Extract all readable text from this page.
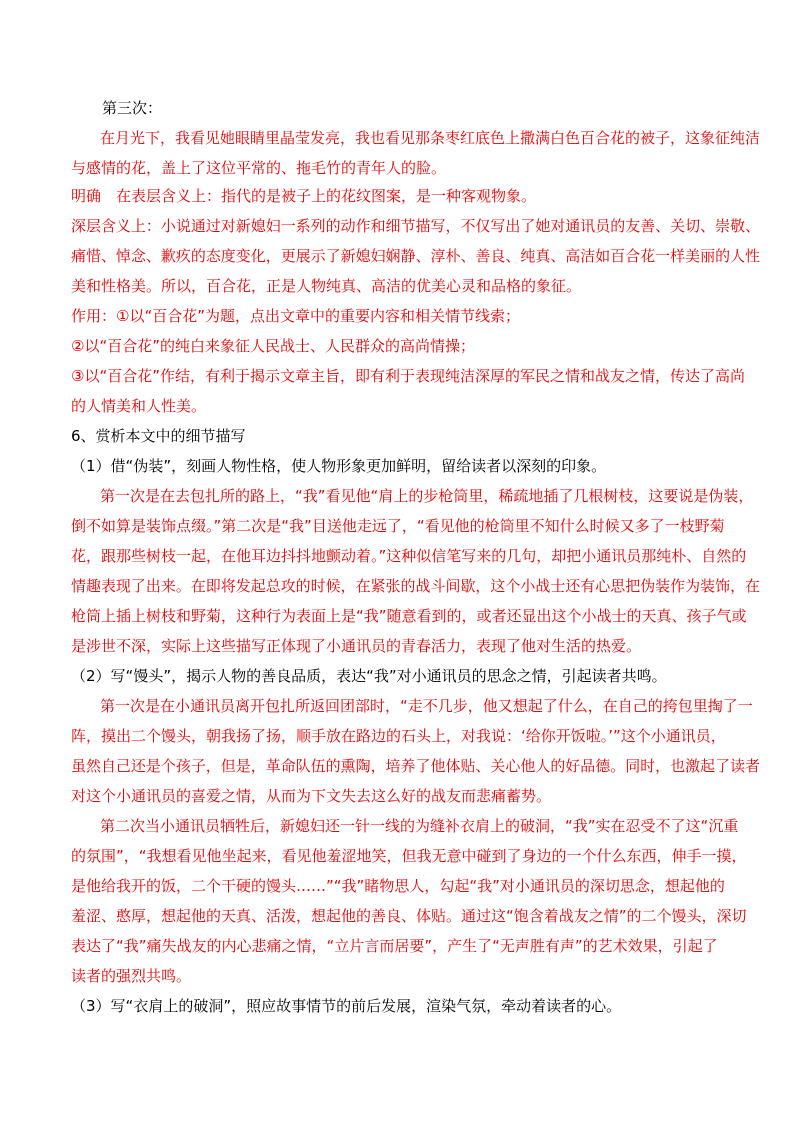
第三次：
在月光下，我看见她眼睛里晶莹发亮，我也看见那条枣红底色上撒满白色百合花的被子，这象征纯洁
与感情的花，盖上了这位平常的、拖毛竹的青年人的脸。
明确　在表层含义上：指代的是被子上的花纹图案，是一种客观物象。
深层含义上：小说通过对新媳妇一系列的动作和细节描写，不仅写出了她对通讯员的友善、关切、崇敬、
痛惜、悼念、歉疚的态度变化，更展示了新媳妇娴静、淳朴、善良、纯真、高洁如百合花一样美丽的人性
美和性格美。所以，百合花，正是人物纯真、高洁的优美心灵和品格的象征。
作用：①以“百合花”为题，点出文章中的重要内容和相关情节线索；
②以“百合花”的纯白来象征人民战士、人民群众的高尚情操；
③以“百合花”作结，有利于揭示文章主旨，即有利于表现纯洁深厚的军民之情和战友之情，传达了高尚
的人情美和人性美。
6、赏析本文中的细节描写
（1）借“伪装”，刻画人物性格，使人物形象更加鲜明，留给读者以深刻的印象。
第一次是在去包扎所的路上，“我”看见他“肩上的步枪筒里，稀疏地插了几根树枝，这要说是伪装，
倒不如算是装饰点缀。”第二次是“我”目送他走远了，“看见他的枪筒里不知什么时候又多了一枝野菊
花，跟那些树枝一起，在他耳边抖抖地颤动着。”这种似信笔写来的几句，却把小通讯员那纯朴、自然的
情趣表现了出来。在即将发起总攻的时候，在紧张的战斗间歇，这个小战士还有心思把伪装作为装饰，在
枪筒上插上树枝和野菊，这种行为表面上是“我”随意看到的，或者还显出这个小战士的天真、孩子气或
是涉世不深，实际上这些描写正体现了小通讯员的青春活力，表现了他对生活的热爱。
（2）写“馒头”，揭示人物的善良品质，表达“我”对小通讯员的思念之情，引起读者共鸣。
第一次是在小通讯员离开包扎所返回团部时，“走不几步，他又想起了什么，在自己的挎包里掏了一
阵，摸出二个馒头，朝我扬了扬，顺手放在路边的石头上，对我说：‘给你开饭啦。’”这个小通讯员，
虽然自己还是个孩子，但是，革命队伍的熏陶，培养了他体贴、关心他人的好品德。同时，也激起了读者
对这个小通讯员的喜爱之情，从而为下文失去这么好的战友而悲痛蓄势。
第二次当小通讯员牺牲后，新媳妇还一针一线的为缝补衣肩上的破洞，“我”实在忍受不了这“沉重
的氛围”，“我想看见他坐起来，看见他羞涩地笑，但我无意中碰到了身边的一个什么东西，伸手一摸，
是他给我开的饭，二个干硬的馒头……”“我”睹物思人，勾起“我”对小通讯员的深切思念，想起他的
羞涩、憨厚，想起他的天真、活泼，想起他的善良、体贴。通过这“饱含着战友之情”的二个馒头，深切
表达了“我”痛失战友的内心悲痛之情，“立片言而居要”，产生了“无声胜有声”的艺术效果，引起了
读者的强烈共鸣。
（3）写“衣肩上的破洞”，照应故事情节的前后发展，渲染气氛，牵动着读者的心。
